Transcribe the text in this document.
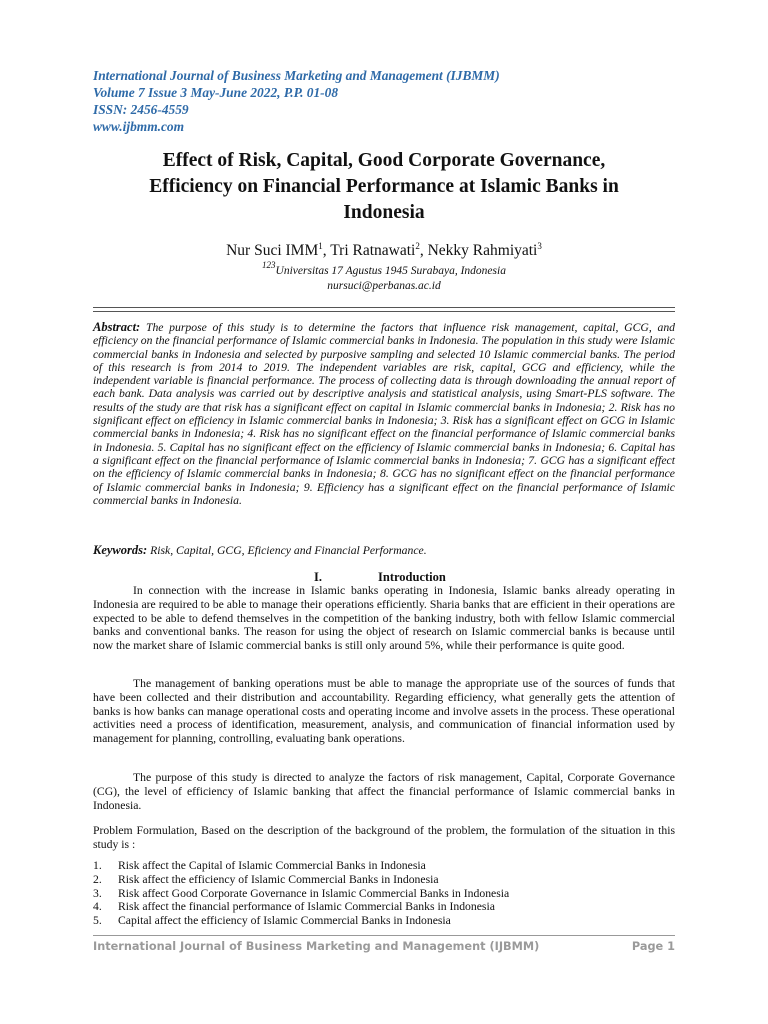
International Journal of Business Marketing and Management (IJBMM)
Volume 7 Issue 3 May-June 2022, P.P. 01-08
ISSN: 2456-4559
www.ijbmm.com
Effect of Risk, Capital, Good Corporate Governance,
Efficiency on Financial Performance at Islamic Banks in
Indonesia
Nur Suci IMM$^1$, Tri Ratnawati$^2$, Nekky Rahmiyati$^3$
$^{123}$Universitas 17 Agustus 1945 Surabaya, Indonesia
nursuci@perbanas.ac.id

Abstract: The purpose of this study is to determine the factors that influence risk management, capital, GCG, and efficiency on the financial performance of Islamic commercial banks in Indonesia. The population in this study were Islamic commercial banks in Indonesia and selected by purposive sampling and selected 10 Islamic commercial banks. The period of this research is from 2014 to 2019. The independent variables are risk, capital, GCG and efficiency, while the independent variable is financial performance. The process of collecting data is through downloading the annual report of each bank. Data analysis was carried out by descriptive analysis and statistical analysis, using Smart-PLS software. The results of the study are that risk has a significant effect on capital in Islamic commercial banks in Indonesia; 2. Risk has no significant effect on efficiency in Islamic commercial banks in Indonesia; 3. Risk has a significant effect on GCG in Islamic commercial banks in Indonesia; 4. Risk has no significant effect on the financial performance of Islamic commercial banks in Indonesia. 5. Capital has no significant effect on the efficiency of Islamic commercial banks in Indonesia; 6. Capital has a significant effect on the financial performance of Islamic commercial banks in Indonesia; 7. GCG has a significant effect on the efficiency of Islamic commercial banks in Indonesia; 8. GCG has no significant effect on the financial performance of Islamic commercial banks in Indonesia; 9. Efficiency has a significant effect on the financial performance of Islamic commercial banks in Indonesia.

Keywords: Risk, Capital, GCG, Eficiency and Financial Performance.
I.	Introduction

In connection with the increase in Islamic banks operating in Indonesia, Islamic banks already operating in Indonesia are required to be able to manage their operations efficiently. Sharia banks that are efficient in their operations are expected to be able to defend themselves in the competition of the banking industry, both with fellow Islamic commercial banks and conventional banks. The reason for using the object of research on Islamic commercial banks is because until now the market share of Islamic commercial banks is still only around 5%, while their performance is quite good.

The management of banking operations must be able to manage the appropriate use of the sources of funds that have been collected and their distribution and accountability. Regarding efficiency, what generally gets the attention of banks is how banks can manage operational costs and operating income and involve assets in the process. These operational activities need a process of identification, measurement, analysis, and communication of financial information used by management for planning, controlling, evaluating bank operations.

The purpose of this study is directed to analyze the factors of risk management, Capital, Corporate Governance (CG), the level of efficiency of Islamic banking that affect the financial performance of Islamic commercial banks in Indonesia.

Problem Formulation, Based on the description of the background of the problem, the formulation of the situation in this study is :

1.	Risk affect the Capital of Islamic Commercial Banks in Indonesia
2.	Risk affect the efficiency of Islamic Commercial Banks in Indonesia
3.	Risk affect Good Corporate Governance in Islamic Commercial Banks in Indonesia
4.	Risk affect the financial performance of Islamic Commercial Banks in Indonesia
5.	Capital affect the efficiency of Islamic Commercial Banks in Indonesia
International Journal of Business Marketing and Management (IJBMM)	Page 1
